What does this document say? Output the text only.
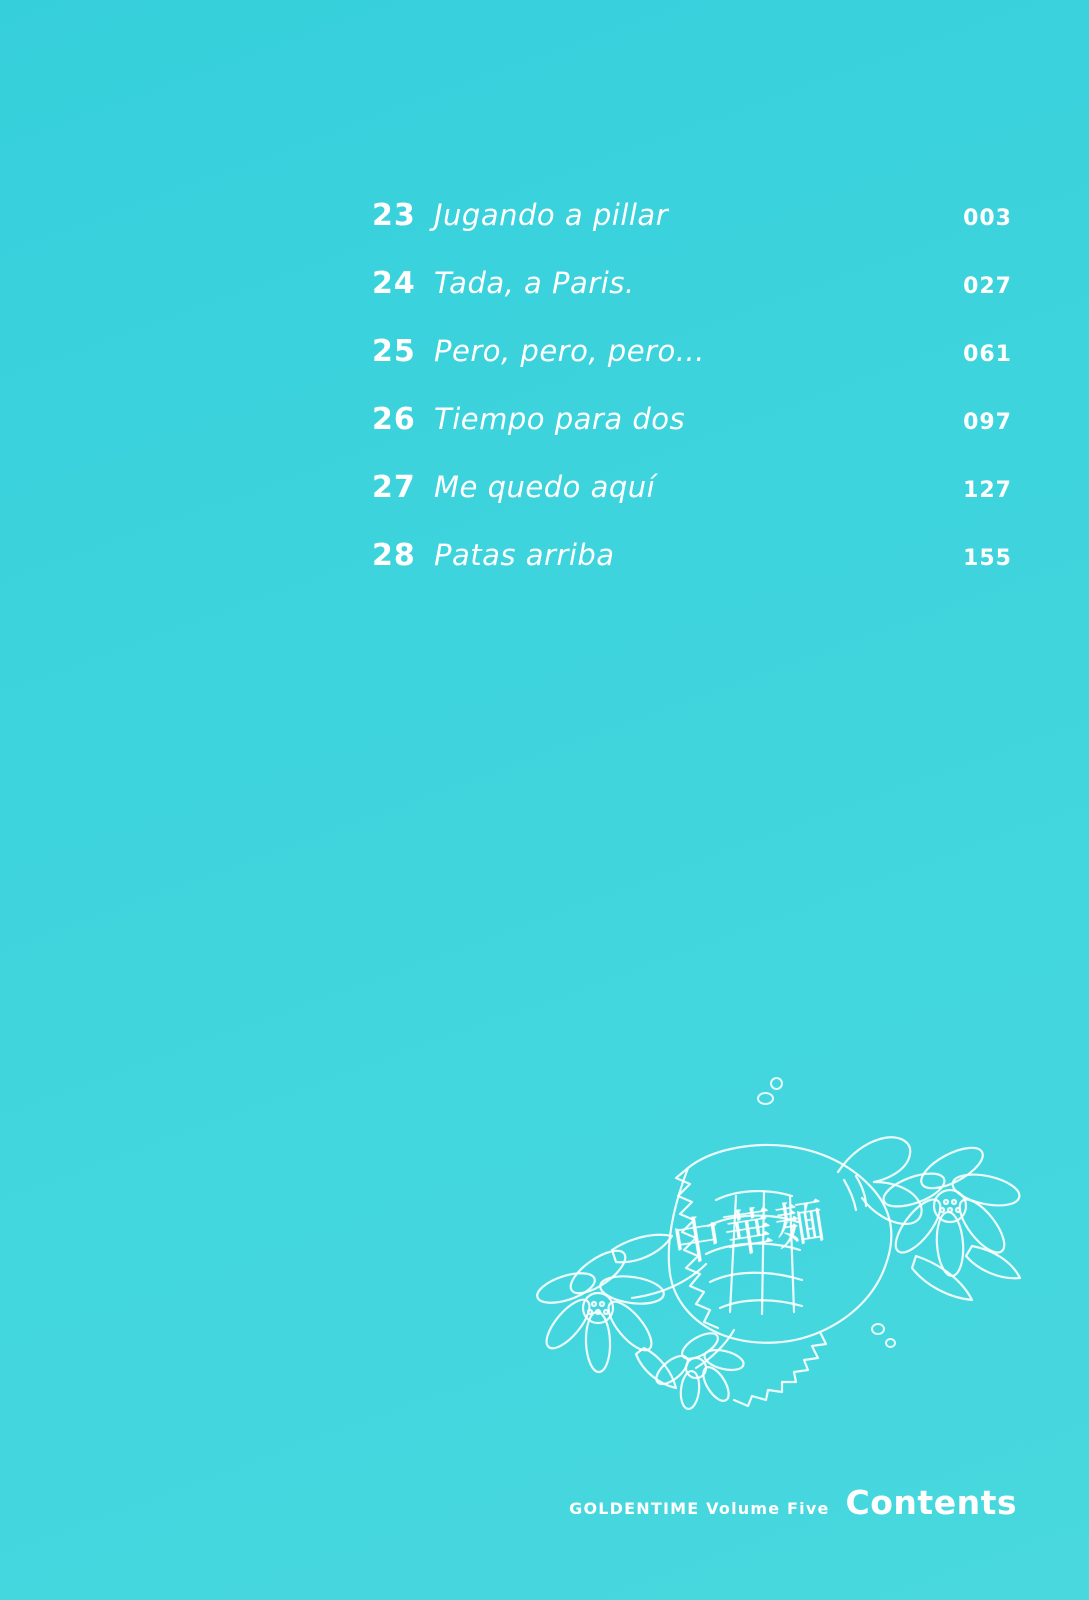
23 Jugando a pillar	003
24 Tada, a Paris.	027
25 Pero, pero, pero...	061
26 Tiempo para dos	097
27 Me quedo aquí	127
28 Patas arriba	155
中華麺
GOLDENTIME Volume Five Contents
